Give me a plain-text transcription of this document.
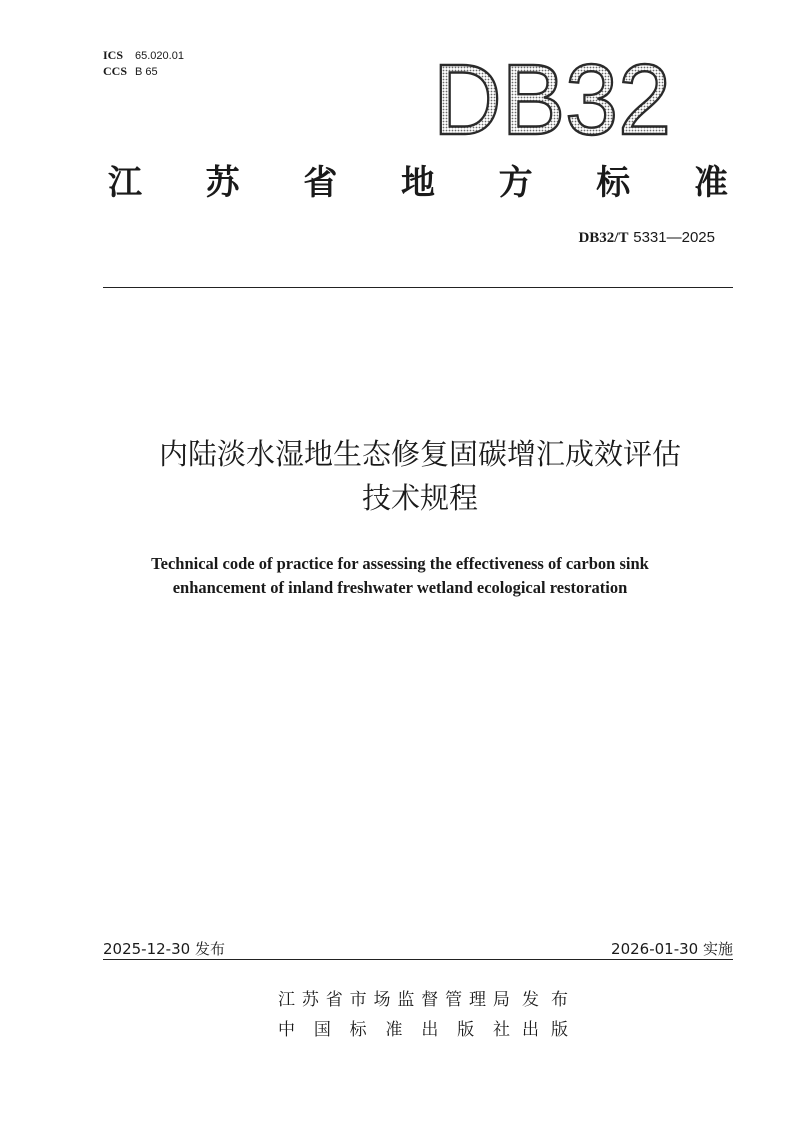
ICS 65.020.01
CCS B 65	DB32
江 苏 省 地 方 标 准
DB32/T 5331—2025
内陆淡水湿地生态修复固碳增汇成效评估
技术规程
Technical code of practice for assessing the effectiveness of carbon sink
enhancement of inland freshwater wetland ecological restoration
2025-12-30 发布	2026-01-30 实施
江 苏 省 市 场 监 督 管 理 局 发 布
中 国 标 准 出 版 社 出 版
